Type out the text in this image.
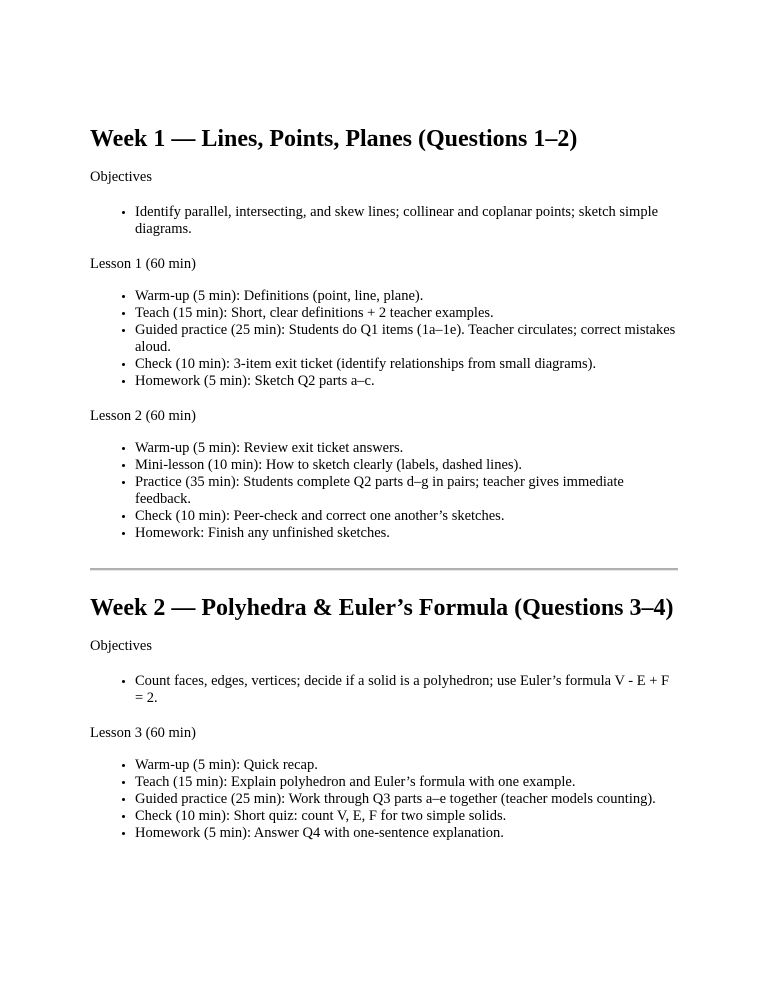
Week 1 — Lines, Points, Planes (Questions 1–2)

Objectives

• Identify parallel, intersecting, and skew lines; collinear and coplanar points; sketch simple diagrams.

Lesson 1 (60 min)

• Warm-up (5 min): Definitions (point, line, plane).
• Teach (15 min): Short, clear definitions + 2 teacher examples.
• Guided practice (25 min): Students do Q1 items (1a–1e). Teacher circulates; correct mistakes aloud.
• Check (10 min): 3-item exit ticket (identify relationships from small diagrams).
• Homework (5 min): Sketch Q2 parts a–c.

Lesson 2 (60 min)

• Warm-up (5 min): Review exit ticket answers.
• Mini-lesson (10 min): How to sketch clearly (labels, dashed lines).
• Practice (35 min): Students complete Q2 parts d–g in pairs; teacher gives immediate feedback.
• Check (10 min): Peer-check and correct one another’s sketches.
• Homework: Finish any unfinished sketches.
Week 2 — Polyhedra & Euler’s Formula (Questions 3–4)

Objectives

• Count faces, edges, vertices; decide if a solid is a polyhedron; use Euler’s formula V - E + F = 2.

Lesson 3 (60 min)

• Warm-up (5 min): Quick recap.
• Teach (15 min): Explain polyhedron and Euler’s formula with one example.
• Guided practice (25 min): Work through Q3 parts a–e together (teacher models counting).
• Check (10 min): Short quiz: count V, E, F for two simple solids.
• Homework (5 min): Answer Q4 with one-sentence explanation.
